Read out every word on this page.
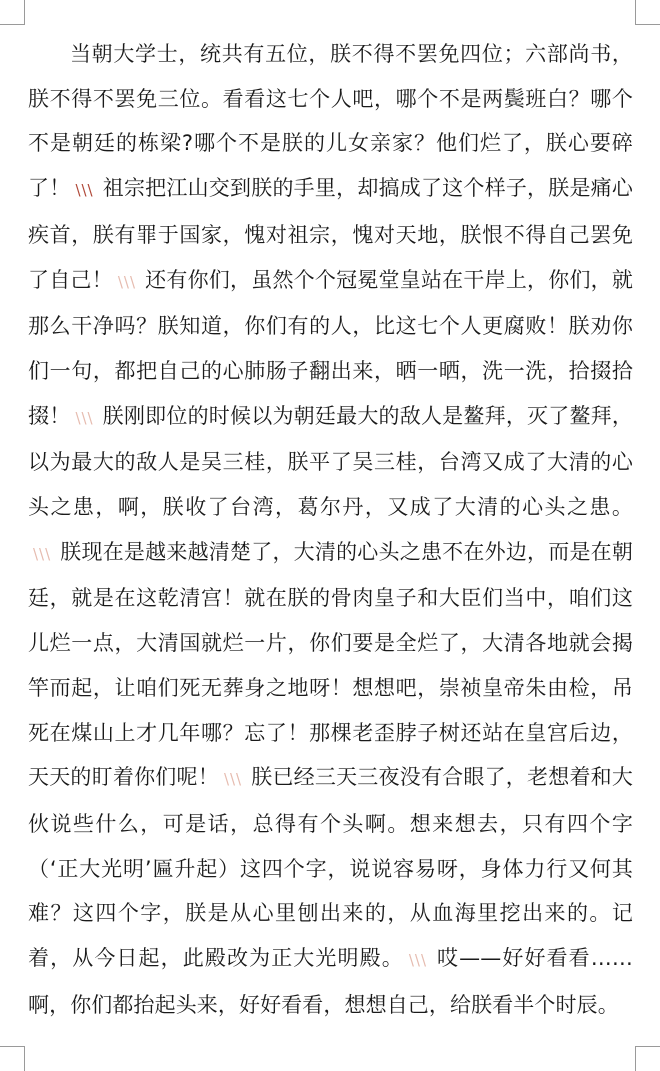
当朝大学士，统共有五位，朕不得不罢免四位；六部尚书，朕不得不罢免三位。看看这七个人吧，哪个不是两鬓班白？哪个不是朝廷的栋梁?哪个不是朕的儿女亲家？他们烂了，朕心要碎了！ \\\ 祖宗把江山交到朕的手里，却搞成了这个样子，朕是痛心疾首，朕有罪于国家，愧对祖宗，愧对天地，朕恨不得自己罢免了自己！ \\\ 还有你们，虽然个个冠冕堂皇站在干岸上，你们，就那么干净吗？朕知道，你们有的人，比这七个人更腐败！朕劝你们一句，都把自己的心肺肠子翻出来，晒一晒，洗一洗，拾掇拾掇！ \\\ 朕刚即位的时候以为朝廷最大的敌人是鳌拜，灭了鳌拜，以为最大的敌人是吴三桂，朕平了吴三桂，台湾又成了大清的心头之患，啊，朕收了台湾，葛尔丹，又成了大清的心头之患。\\\ 朕现在是越来越清楚了，大清的心头之患不在外边，而是在朝廷，就是在这乾清宫！就在朕的骨肉皇子和大臣们当中，咱们这儿烂一点，大清国就烂一片，你们要是全烂了，大清各地就会揭竿而起，让咱们死无葬身之地呀！想想吧，崇祯皇帝朱由检，吊死在煤山上才几年哪？忘了！那棵老歪脖子树还站在皇宫后边，天天的盯着你们呢！ \\\ 朕已经三天三夜没有合眼了，老想着和大伙说些什么，可是话，总得有个头啊。想来想去，只有四个字（‘正大光明’匾升起）这四个字，说说容易呀，身体力行又何其难？这四个字，朕是从心里刨出来的，从血海里挖出来的。记着，从今日起，此殿改为正大光明殿。 \\\ 哎——好好看看……啊，你们都抬起头来，好好看看，想想自己，给朕看半个时辰。
